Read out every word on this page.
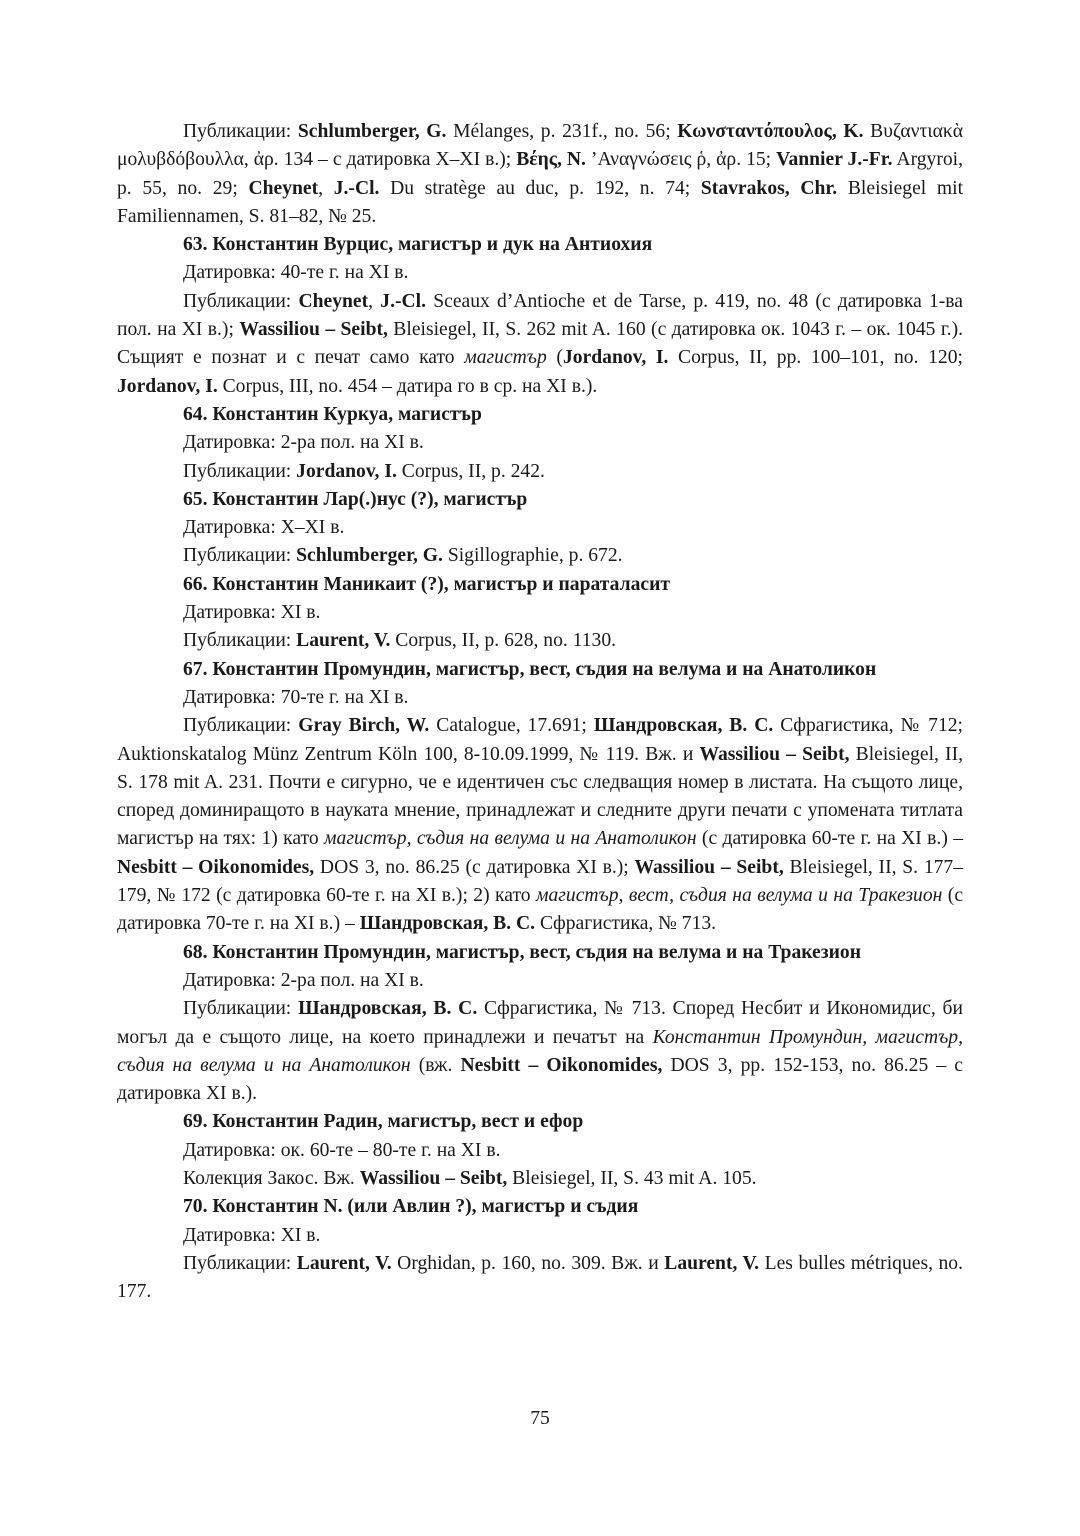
Публикации: Schlumberger, G. Mélanges, p. 231f., no. 56; Κωνσταντόπουλος, K. Βυζαντιακὰ μολυβδόβουλλα, ἀρ. 134 – с датировка X–XI в.); Βέης, N. ’Αναγνώσεις ῥ, ἀρ. 15; Vannier J.-Fr. Argyroi, p. 55, no. 29; Cheynet, J.-Cl. Du stratège au duc, p. 192, n. 74; Stavrakos, Chr. Bleisiegel mit Familiennamen, S. 81–82, № 25.

63. Константин Вурцис, магистър и дук на Антиохия

Датировка: 40-те г. на XI в.

Публикации: Cheynet, J.-Cl. Sceaux d’Antioche et de Tarse, p. 419, no. 48 (с датировка 1-ва пол. на XI в.); Wassiliou – Seibt, Bleisiegel, II, S. 262 mit A. 160 (с датировка ок. 1043 г. – ок. 1045 г.). Същият е познат и с печат само като магистър (Jordanov, I. Corpus, II, pp. 100–101, no. 120; Jordanov, I. Corpus, III, no. 454 – датира го в ср. на XI в.).

64. Константин Куркуа, магистър

Датировка: 2-ра пол. на XI в.

Публикации: Jordanov, I. Corpus, II, p. 242.

65. Константин Лар(.)нус (?), магистър

Датировка: X–XI в.

Публикации: Schlumberger, G. Sigillographie, p. 672.

66. Константин Маникаит (?), магистър и параталасит

Датировка: XI в.

Публикации: Laurent, V. Corpus, II, p. 628, no. 1130.

67. Константин Промундин, магистър, вест, съдия на велума и на Анатоликон

Датировка: 70-те г. на XI в.

Публикации: Gray Birch, W. Catalogue, 17.691; Шандровская, В. С. Сфрагистика, № 712; Auktionskatalog Münz Zentrum Köln 100, 8-10.09.1999, № 119. Вж. и Wassiliou – Seibt, Bleisiegel, II, S. 178 mit A. 231. Почти е сигурно, че е идентичен със следващия номер в листата. На същото лице, според доминиращото в науката мнение, принадлежат и следните други печати с упомената титлата магистър на тях: 1) като магистър, съдия на велума и на Анатоликон (с датировка 60-те г. на XI в.) – Nesbitt – Oikonomides, DOS 3, no. 86.25 (с датировка XI в.); Wassiliou – Seibt, Bleisiegel, II, S. 177–179, № 172 (с датировка 60-те г. на XI в.); 2) като магистър, вест, съдия на велума и на Тракезион (с датировка 70-те г. на XI в.) – Шандровская, В. С. Сфрагистика, № 713.

68. Константин Промундин, магистър, вест, съдия на велума и на Тракезион

Датировка: 2-ра пол. на XI в.

Публикации: Шандровская, В. С. Сфрагистика, № 713. Според Несбит и Икономидис, би могъл да е същото лице, на което принадлежи и печатът на Константин Промундин, магистър, съдия на велума и на Анатоликон (вж. Nesbitt – Oikonomides, DOS 3, pp. 152-153, no. 86.25 – с датировка XI в.).

69. Константин Радин, магистър, вест и ефор

Датировка: ок. 60-те – 80-те г. на XI в.

Колекция Закос. Вж. Wassiliou – Seibt, Bleisiegel, II, S. 43 mit A. 105.

70. Константин N. (или Авлин ?), магистър и съдия

Датировка: XI в.

Публикации: Laurent, V. Orghidan, p. 160, no. 309. Вж. и Laurent, V. Les bulles métriques, no. 177.

75
